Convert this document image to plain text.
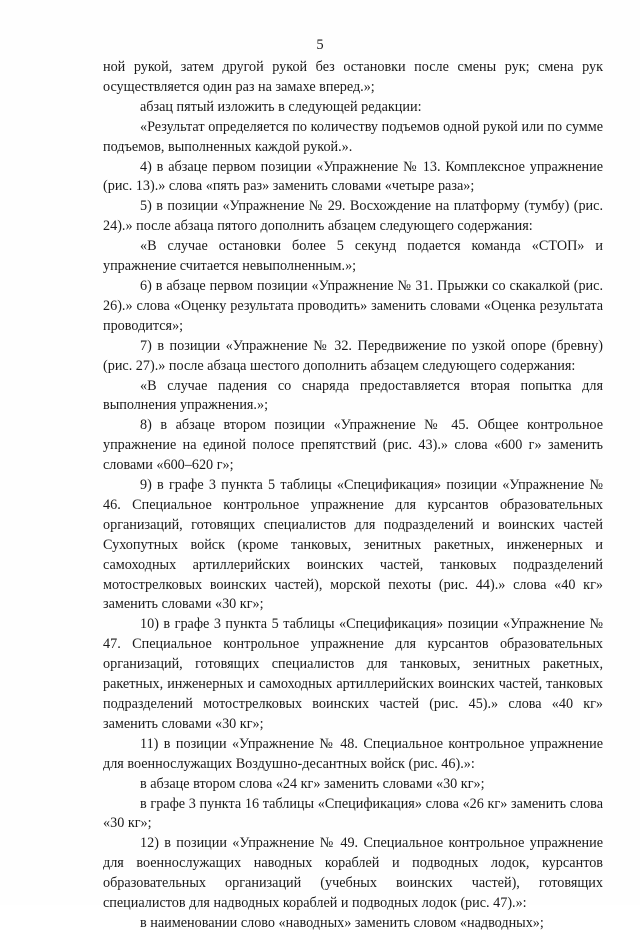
5

ной рукой, затем другой рукой без остановки после смены рук; смена рук осуществляется один раз на замахе вперед.»;

абзац пятый изложить в следующей редакции:

«Результат определяется по количеству подъемов одной рукой или по сумме подъемов, выполненных каждой рукой.».

4) в абзаце первом позиции «Упражнение № 13. Комплексное упражнение (рис. 13).» слова «пять раз» заменить словами «четыре раза»;

5) в позиции «Упражнение № 29. Восхождение на платформу (тумбу) (рис. 24).» после абзаца пятого дополнить абзацем следующего содержания:

«В случае остановки более 5 секунд подается команда «СТОП» и упражнение считается невыполненным.»;

6) в абзаце первом позиции «Упражнение № 31. Прыжки со скакалкой (рис. 26).» слова «Оценку результата проводить» заменить словами «Оценка результата проводится»;

7) в позиции «Упражнение № 32. Передвижение по узкой опоре (бревну) (рис. 27).» после абзаца шестого дополнить абзацем следующего содержания:

«В случае падения со снаряда предоставляется вторая попытка для выполнения упражнения.»;

8) в абзаце втором позиции «Упражнение № 45. Общее контрольное упражнение на единой полосе препятствий (рис. 43).» слова «600 г» заменить словами «600–620 г»;

9) в графе 3 пункта 5 таблицы «Спецификация» позиции «Упражнение № 46. Специальное контрольное упражнение для курсантов образовательных организаций, готовящих специалистов для подразделений и воинских частей Сухопутных войск (кроме танковых, зенитных ракетных, инженерных и самоходных артиллерийских воинских частей, танковых подразделений мотострелковых воинских частей), морской пехоты (рис. 44).» слова «40 кг» заменить словами «30 кг»;

10) в графе 3 пункта 5 таблицы «Спецификация» позиции «Упражнение № 47. Специальное контрольное упражнение для курсантов образовательных организаций, готовящих специалистов для танковых, зенитных ракетных, ракетных, инженерных и самоходных артиллерийских воинских частей, танковых подразделений мотострелковых воинских частей (рис. 45).» слова «40 кг» заменить словами «30 кг»;

11) в позиции «Упражнение № 48. Специальное контрольное упражнение для военнослужащих Воздушно-десантных войск (рис. 46).»:

в абзаце втором слова «24 кг» заменить словами «30 кг»;

в графе 3 пункта 16 таблицы «Спецификация» слова «26 кг» заменить слова «30 кг»;

12) в позиции «Упражнение № 49. Специальное контрольное упражнение для военнослужащих наводных кораблей и подводных лодок, курсантов образовательных организаций (учебных воинских частей), готовящих специалистов для надводных кораблей и подводных лодок (рис. 47).»:

в наименовании слово «наводных» заменить словом «надводных»;
